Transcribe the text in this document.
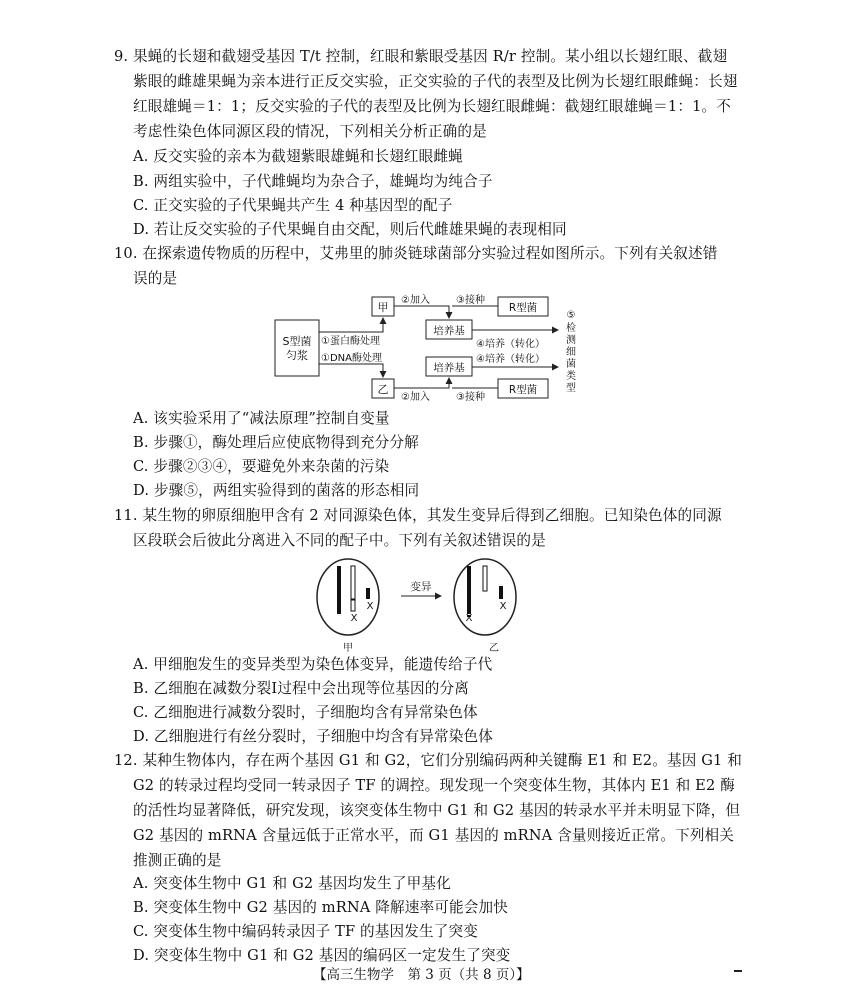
9. 果蝇的长翅和截翅受基因 T/t 控制，红眼和紫眼受基因 R/r 控制。某小组以长翅红眼、截翅
紫眼的雌雄果蝇为亲本进行正反交实验，正交实验的子代的表型及比例为长翅红眼雌蝇：长翅
红眼雄蝇＝1：1；反交实验的子代的表型及比例为长翅红眼雌蝇：截翅红眼雄蝇＝1：1。不
考虑性染色体同源区段的情况，下列相关分析正确的是
A. 反交实验的亲本为截翅紫眼雄蝇和长翅红眼雌蝇
B. 两组实验中，子代雌蝇均为杂合子，雄蝇均为纯合子
C. 正交实验的子代果蝇共产生 4 种基因型的配子
D. 若让反交实验的子代果蝇自由交配，则后代雌雄果蝇的表现相同
10. 在探索遗传物质的历程中，艾弗里的肺炎链球菌部分实验过程如图所示。下列有关叙述错
误的是
S型菌
匀浆
甲
乙
①蛋白酶处理
①DNA酶处理
②加入
②加入
③接种
③接种
R型菌
R型菌
培养基
培养基
④培养（转化）
④培养（转化）
⑤
检
测
细
菌
类
型
A. 该实验采用了“减法原理”控制自变量
B. 步骤①，酶处理后应使底物得到充分分解
C. 步骤②③④，要避免外来杂菌的污染
D. 步骤⑤，两组实验得到的菌落的形态相同
11. 某生物的卵原细胞甲含有 2 对同源染色体，其发生变异后得到乙细胞。已知染色体的同源
区段联会后彼此分离进入不同的配子中。下列有关叙述错误的是
X
X
甲
变异
X
X
乙
A. 甲细胞发生的变异类型为染色体变异，能遗传给子代
B. 乙细胞在减数分裂Ⅰ过程中会出现等位基因的分离
C. 乙细胞进行减数分裂时，子细胞均含有异常染色体
D. 乙细胞进行有丝分裂时，子细胞中均含有异常染色体
12. 某种生物体内，存在两个基因 G1 和 G2，它们分别编码两种关键酶 E1 和 E2。基因 G1 和
G2 的转录过程均受同一转录因子 TF 的调控。现发现一个突变体生物，其体内 E1 和 E2 酶
的活性均显著降低，研究发现，该突变体生物中 G1 和 G2 基因的转录水平并未明显下降，但
G2 基因的 mRNA 含量远低于正常水平，而 G1 基因的 mRNA 含量则接近正常。下列相关
推测正确的是
A. 突变体生物中 G1 和 G2 基因均发生了甲基化
B. 突变体生物中 G2 基因的 mRNA 降解速率可能会加快
C. 突变体生物中编码转录因子 TF 的基因发生了突变
D. 突变体生物中 G1 和 G2 基因的编码区一定发生了突变
【高三生物学　第 3 页（共 8 页）】
